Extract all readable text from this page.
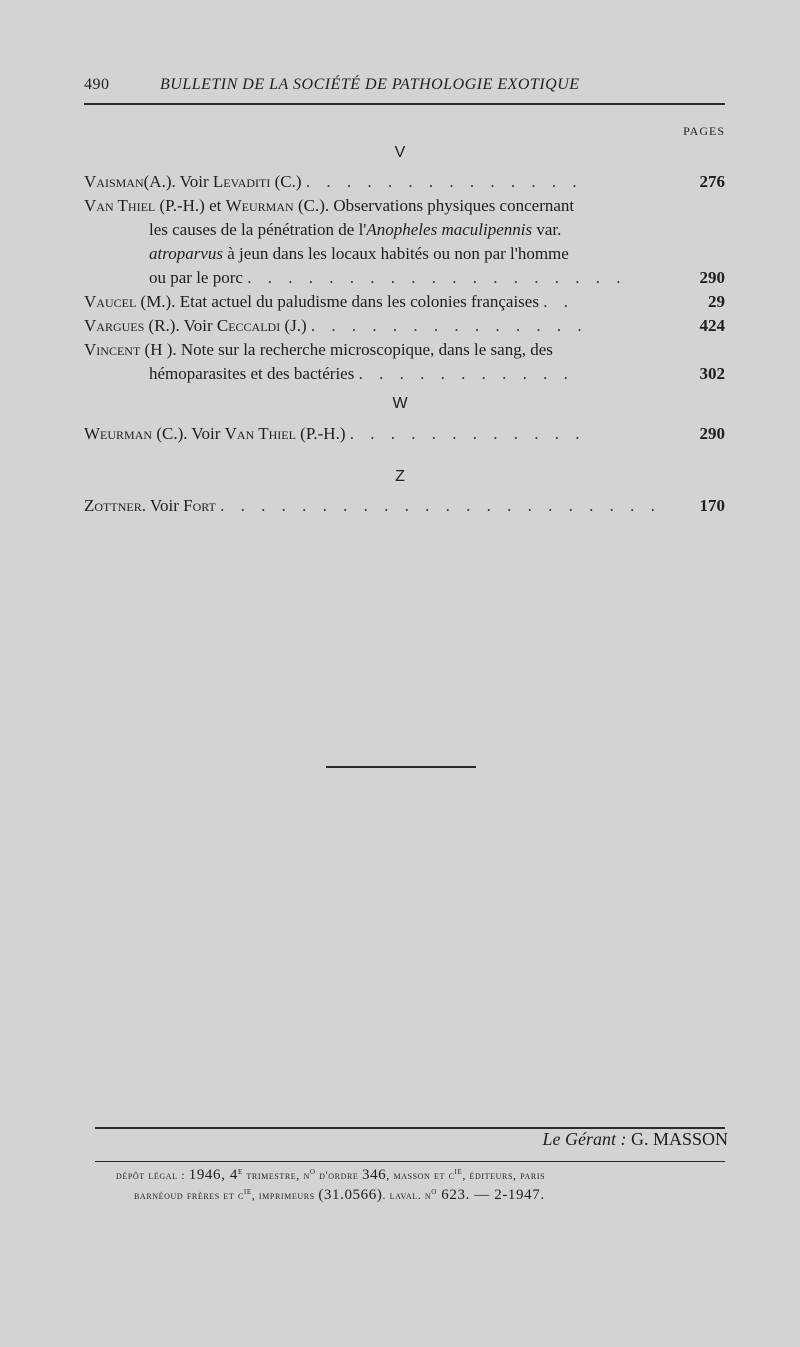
490	BULLETIN DE LA SOCIÉTÉ DE PATHOLOGIE EXOTIQUE
PAGES
V
Vaisman(A.). Voir Levaditi (C.) . . . . . . . . . . . . . .	276
Van Thiel (P.-H.) et Weurman (C.). Observations physiques concernant
les causes de la pénétration de l'Anopheles maculipennis var.
atroparvus à jeun dans les locaux habités ou non par l'homme
ou par le porc . . . . . . . . . . . . . . . . . . .	290
Vaucel (M.). Etat actuel du paludisme dans les colonies françaises . .	29
Vargues (R.). Voir Ceccaldi (J.) . . . . . . . . . . . . . .	424
Vincent (H ). Note sur la recherche microscopique, dans le sang, des
hémoparasites et des bactéries . . . . . . . . . . .	302
W
Weurman (C.). Voir Van Thiel (P.-H.) . . . . . . . . . . . .	290
Z
Zottner. Voir Fort . . . . . . . . . . . . . . . . . . . . . . 170
Le Gérant : G. MASSON
dépôt légal : 1946, 4e trimestre, $n^o$ d'ordre 346, masson et $c^{ie}$, éditeurs, paris
barnéoud frères et $c^{ie}$, imprimeurs (31.0566). laval. $n^o$ 623. — 2-1947.
